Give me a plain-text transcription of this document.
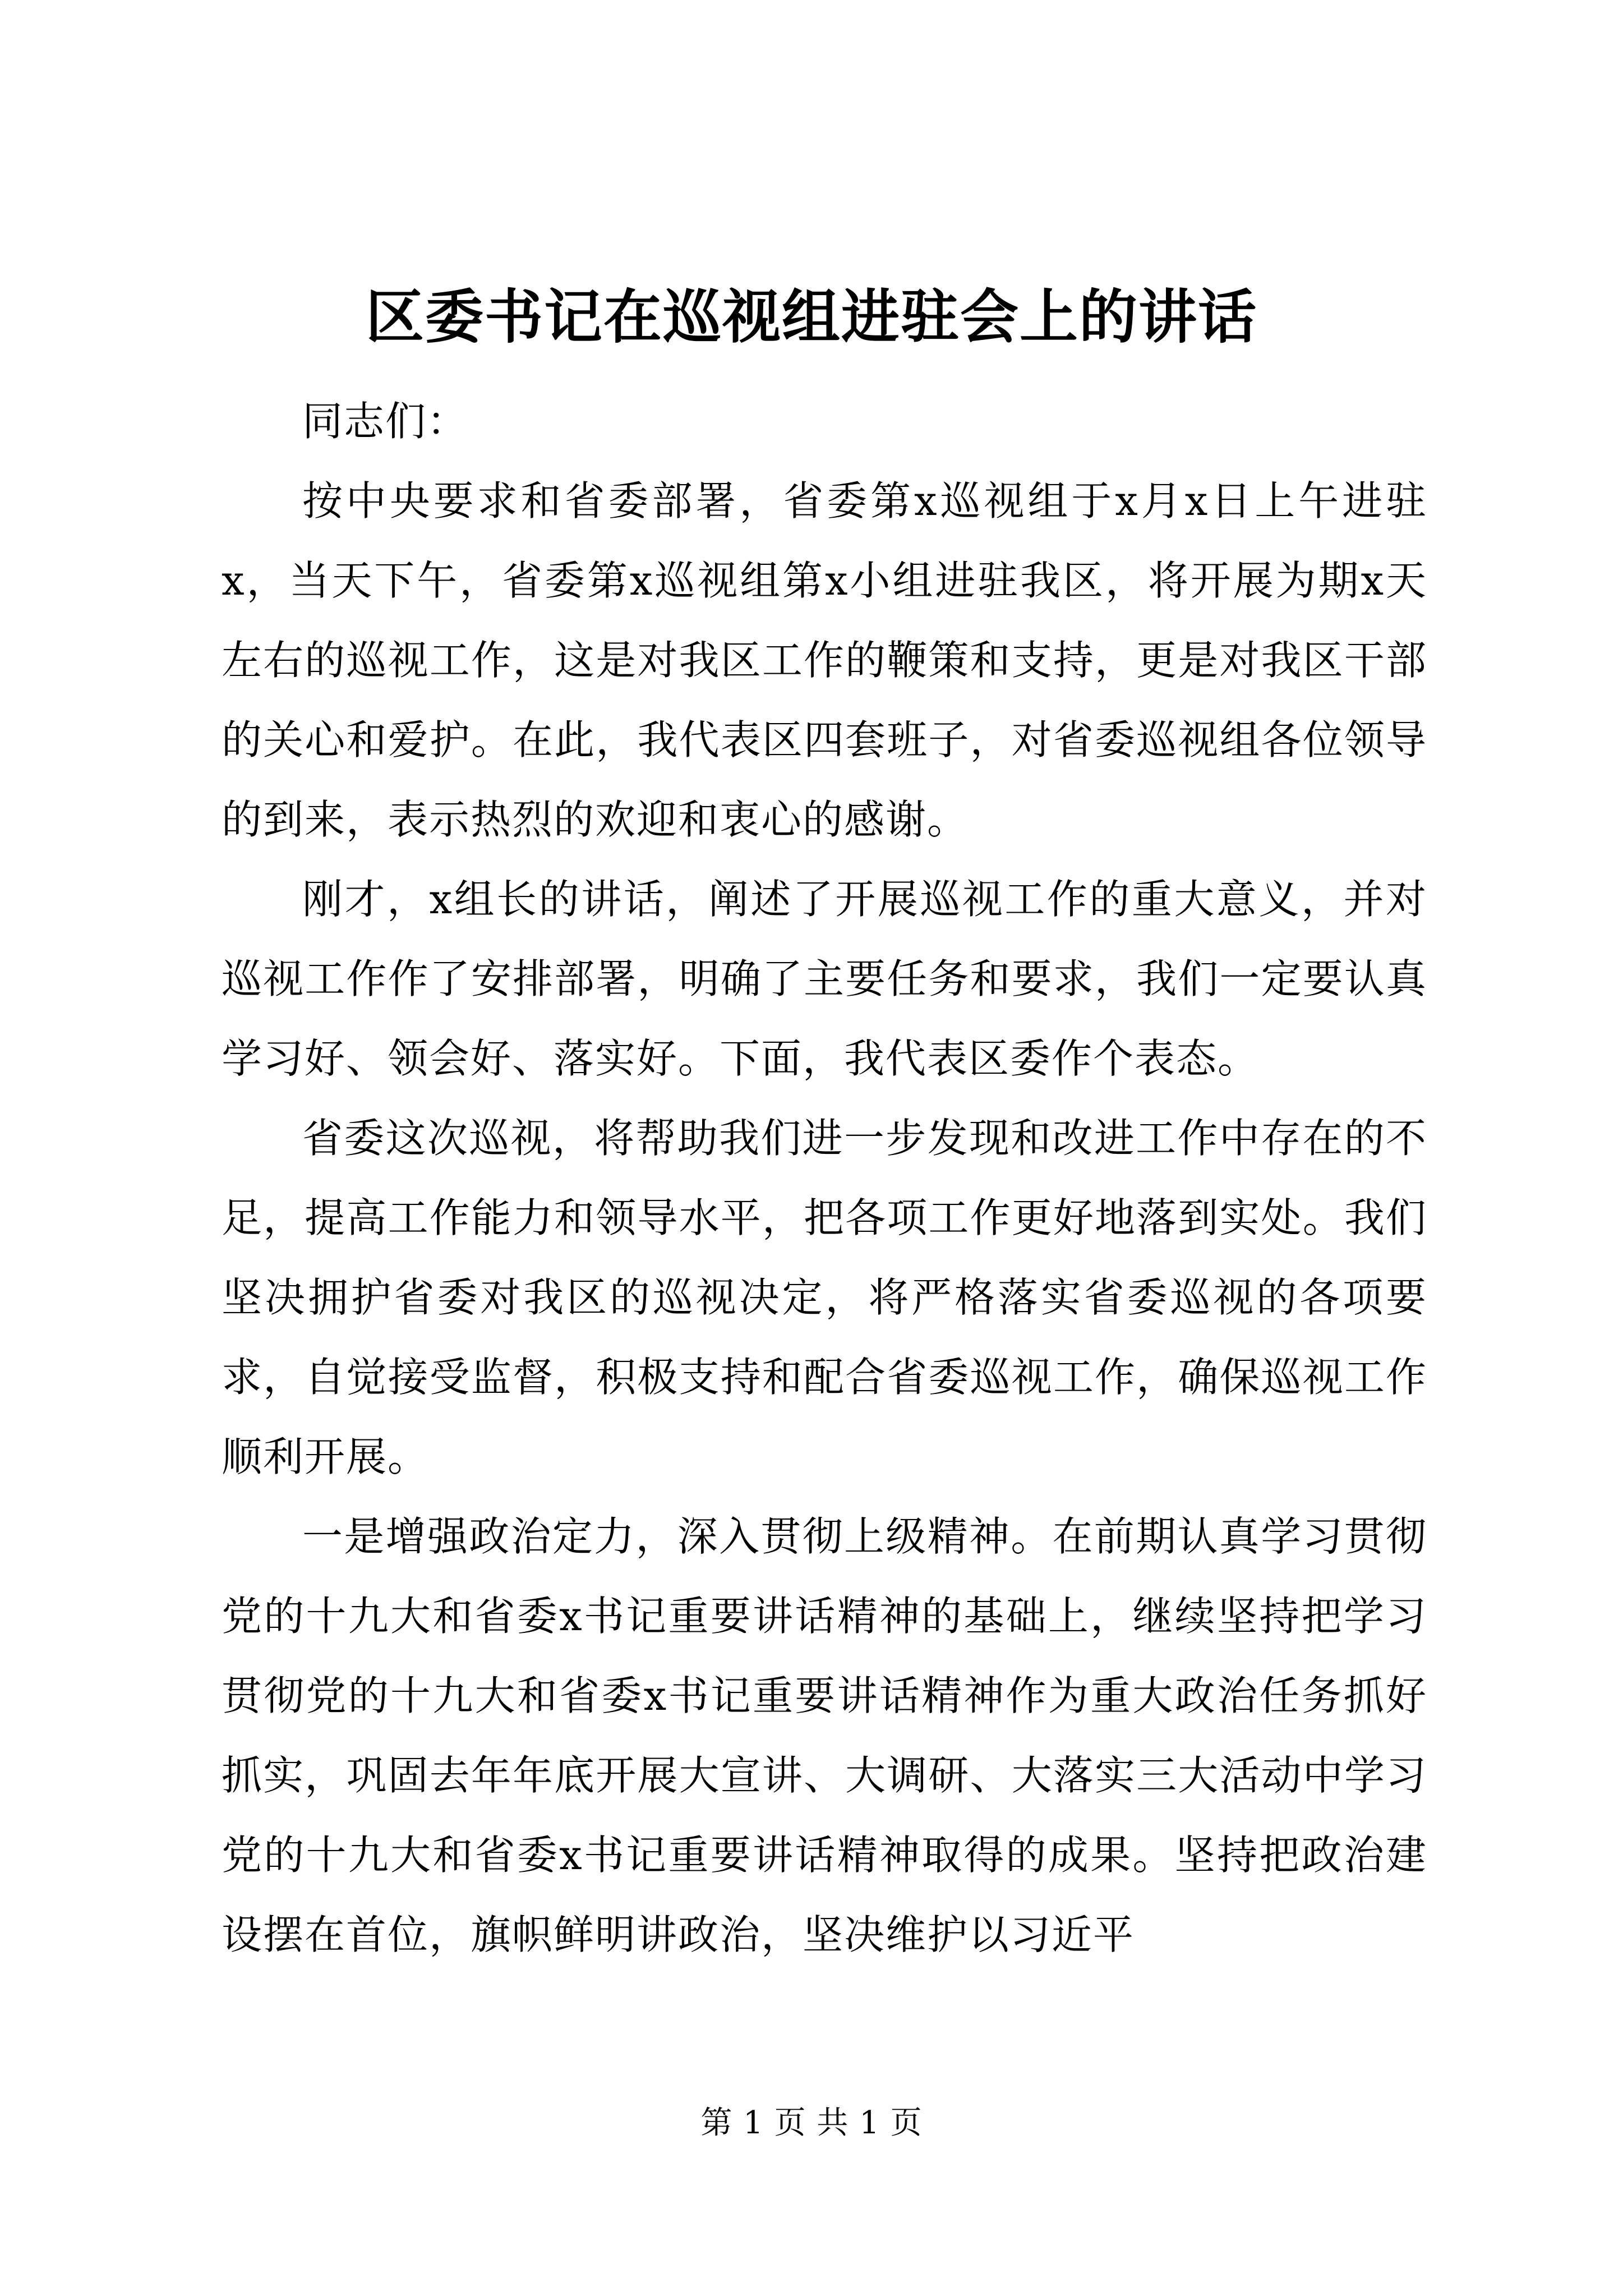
区委书记在巡视组进驻会上的讲话

同志们：

按中央要求和省委部署，省委第x巡视组于x月x日上午进驻x，当天下午，省委第x巡视组第x小组进驻我区，将开展为期x天左右的巡视工作，这是对我区工作的鞭策和支持，更是对我区干部的关心和爱护。在此，我代表区四套班子，对省委巡视组各位领导的到来，表示热烈的欢迎和衷心的感谢。

刚才，x组长的讲话，阐述了开展巡视工作的重大意义，并对巡视工作作了安排部署，明确了主要任务和要求，我们一定要认真学习好、领会好、落实好。下面，我代表区委作个表态。

省委这次巡视，将帮助我们进一步发现和改进工作中存在的不足，提高工作能力和领导水平，把各项工作更好地落到实处。我们坚决拥护省委对我区的巡视决定，将严格落实省委巡视的各项要求，自觉接受监督，积极支持和配合省委巡视工作，确保巡视工作顺利开展。

一是增强政治定力，深入贯彻上级精神。在前期认真学习贯彻党的十九大和省委x书记重要讲话精神的基础上，继续坚持把学习贯彻党的十九大和省委x书记重要讲话精神作为重大政治任务抓好抓实，巩固去年年底开展大宣讲、大调研、大落实三大活动中学习党的十九大和省委x书记重要讲话精神取得的成果。坚持把政治建设摆在首位，旗帜鲜明讲政治，坚决维护以习近平

第 1 页 共 1 页
